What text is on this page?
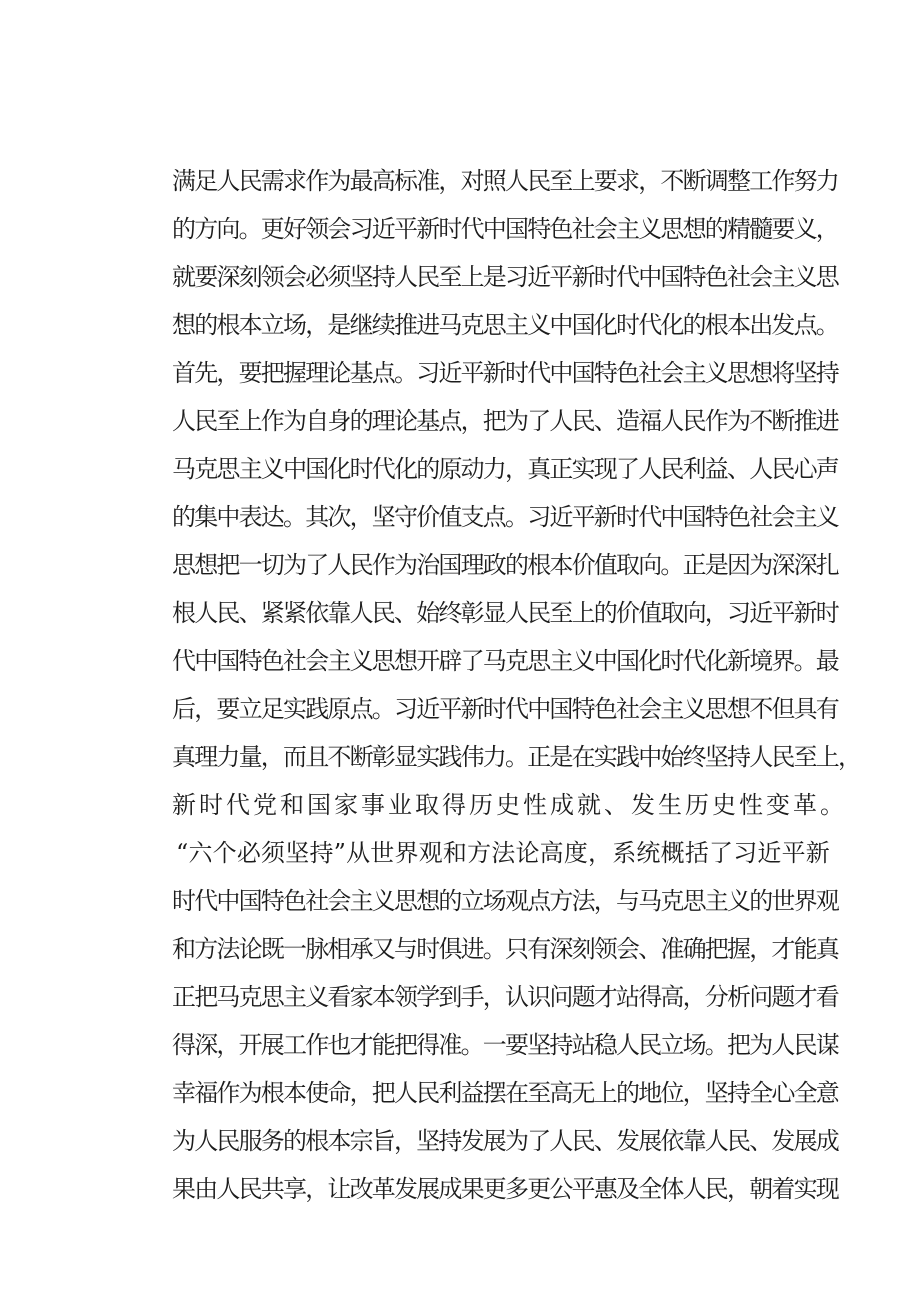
满足人民需求作为最高标准，对照人民至上要求，不断调整工作努力
的方向。更好领会习近平新时代中国特色社会主义思想的精髓要义，
就要深刻领会必须坚持人民至上是习近平新时代中国特色社会主义思
想的根本立场，是继续推进马克思主义中国化时代化的根本出发点。
首先，要把握理论基点。习近平新时代中国特色社会主义思想将坚持
人民至上作为自身的理论基点，把为了人民、造福人民作为不断推进
马克思主义中国化时代化的原动力，真正实现了人民利益、人民心声
的集中表达。其次，坚守价值支点。习近平新时代中国特色社会主义
思想把一切为了人民作为治国理政的根本价值取向。正是因为深深扎
根人民、紧紧依靠人民、始终彰显人民至上的价值取向，习近平新时
代中国特色社会主义思想开辟了马克思主义中国化时代化新境界。最
后，要立足实践原点。习近平新时代中国特色社会主义思想不但具有
真理力量，而且不断彰显实践伟力。正是在实践中始终坚持人民至上，
新时代党和国家事业取得历史性成就、发生历史性变革。
“六个必须坚持”从世界观和方法论高度，系统概括了习近平新
时代中国特色社会主义思想的立场观点方法，与马克思主义的世界观
和方法论既一脉相承又与时俱进。只有深刻领会、准确把握，才能真
正把马克思主义看家本领学到手，认识问题才站得高，分析问题才看
得深，开展工作也才能把得准。一要坚持站稳人民立场。把为人民谋
幸福作为根本使命，把人民利益摆在至高无上的地位，坚持全心全意
为人民服务的根本宗旨，坚持发展为了人民、发展依靠人民、发展成
果由人民共享，让改革发展成果更多更公平惠及全体人民，朝着实现
